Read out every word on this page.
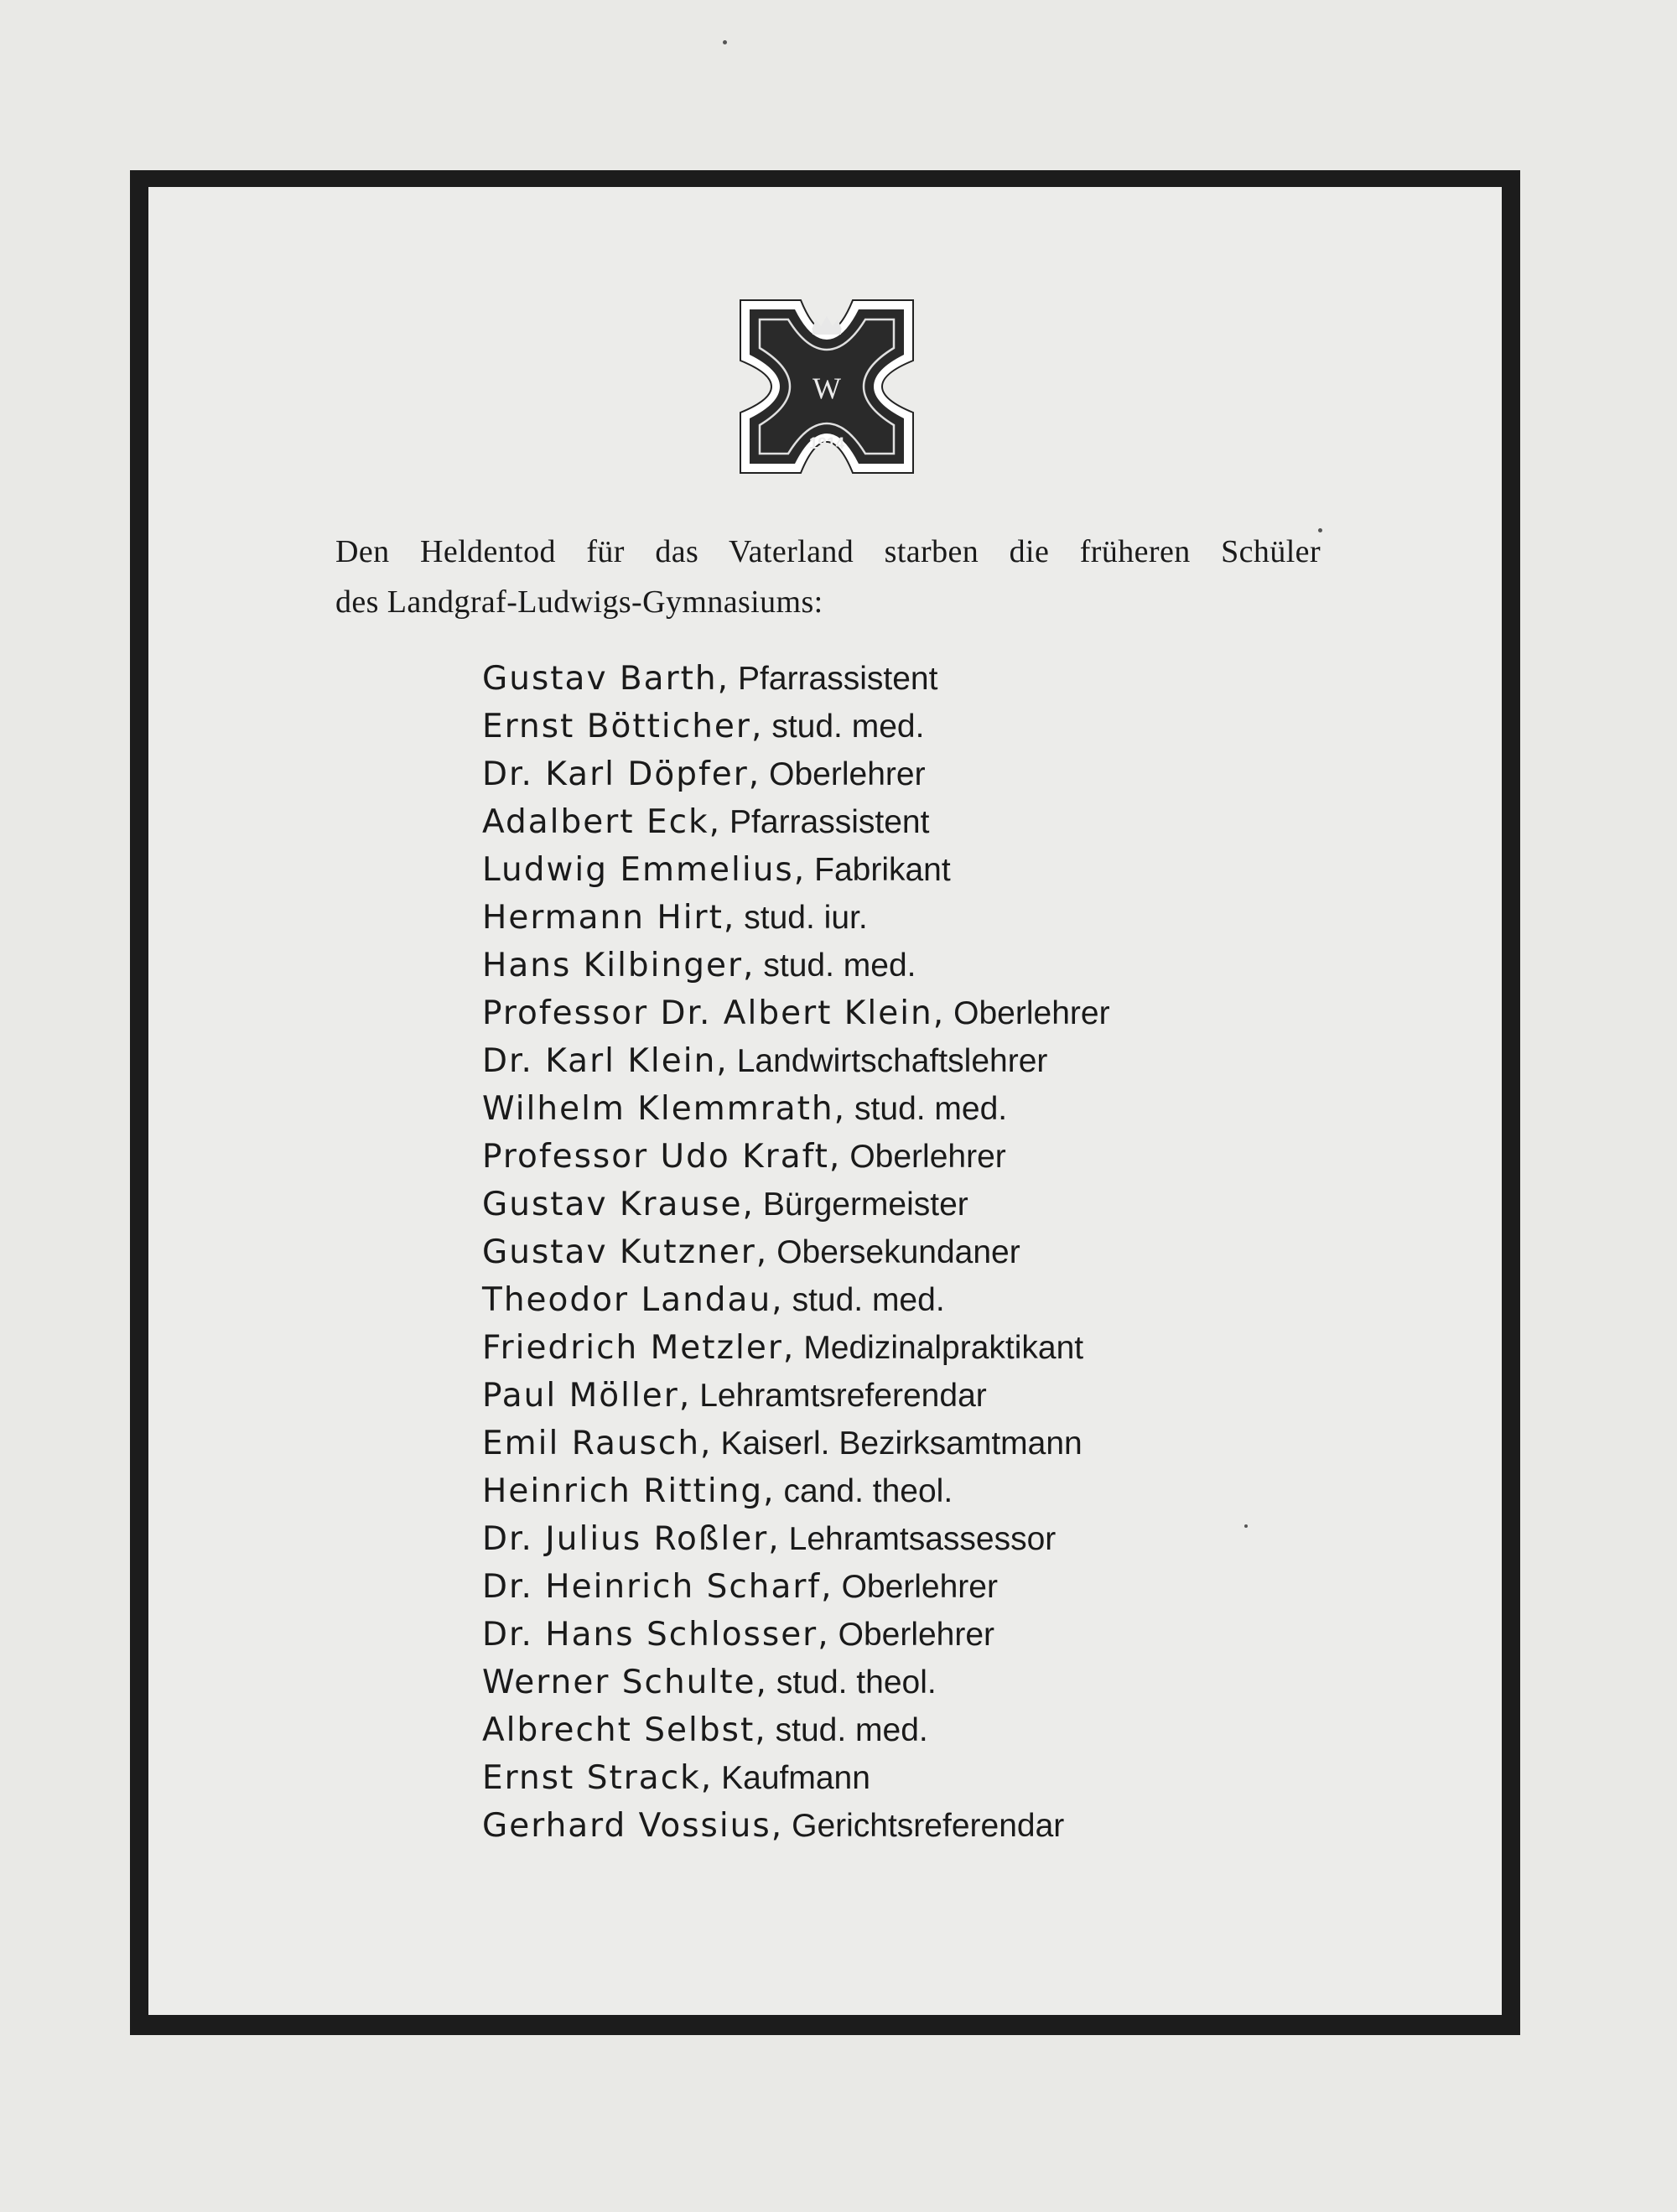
W
1914
Den Heldentod für das Vaterland starben die früheren Schüler
des Landgraf-Ludwigs-Gymnasiums:
Gustav Barth, Pfarrassistent
Ernst Bötticher, stud. med.
Dr. Karl Döpfer, Oberlehrer
Adalbert Eck, Pfarrassistent
Ludwig Emmelius, Fabrikant
Hermann Hirt, stud. iur.
Hans Kilbinger, stud. med.
Professor Dr. Albert Klein, Oberlehrer
Dr. Karl Klein, Landwirtschaftslehrer
Wilhelm Klemmrath, stud. med.
Professor Udo Kraft, Oberlehrer
Gustav Krause, Bürgermeister
Gustav Kutzner, Obersekundaner
Theodor Landau, stud. med.
Friedrich Metzler, Medizinalpraktikant
Paul Möller, Lehramtsreferendar
Emil Rausch, Kaiserl. Bezirksamtmann
Heinrich Ritting, cand. theol.
Dr. Julius Roßler, Lehramtsassessor
Dr. Heinrich Scharf, Oberlehrer
Dr. Hans Schlosser, Oberlehrer
Werner Schulte, stud. theol.
Albrecht Selbst, stud. med.
Ernst Strack, Kaufmann
Gerhard Vossius, Gerichtsreferendar
